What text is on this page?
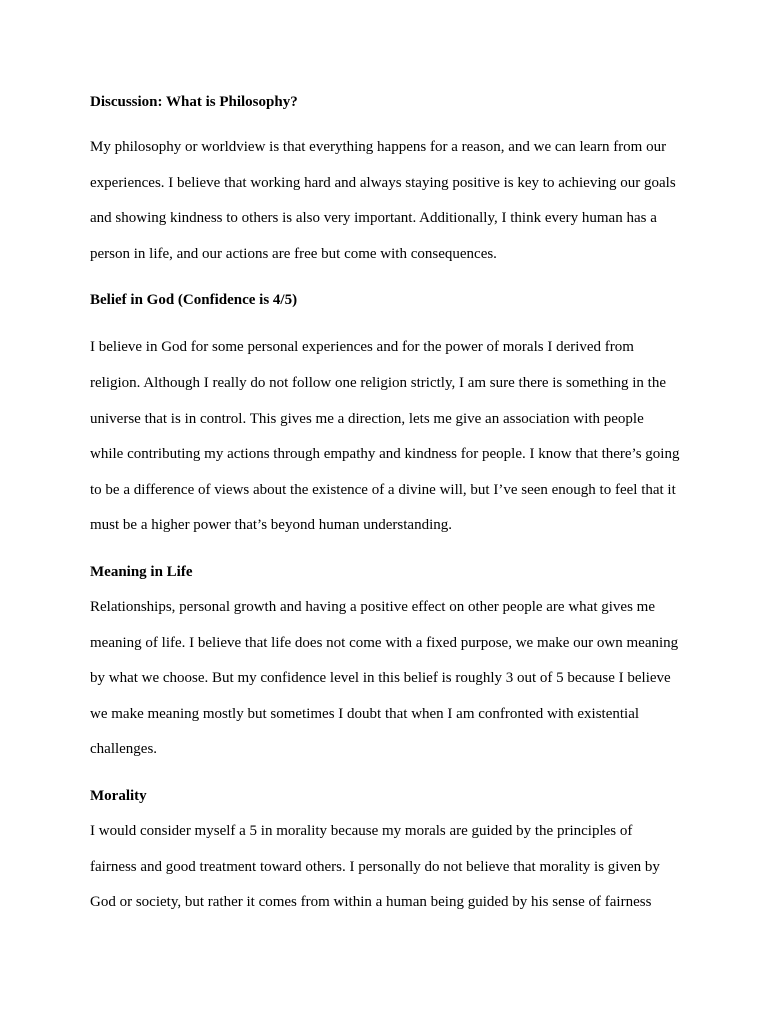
Discussion: What is Philosophy?

My philosophy or worldview is that everything happens for a reason, and we can learn from our experiences. I believe that working hard and always staying positive is key to achieving our goals and showing kindness to others is also very important. Additionally, I think every human has a person in life, and our actions are free but come with consequences.

Belief in God (Confidence is 4/5)

I believe in God for some personal experiences and for the power of morals I derived from religion. Although I really do not follow one religion strictly, I am sure there is something in the universe that is in control. This gives me a direction, lets me give an association with people while contributing my actions through empathy and kindness for people. I know that there’s going to be a difference of views about the existence of a divine will, but I’ve seen enough to feel that it must be a higher power that’s beyond human understanding.

Meaning in Life

Relationships, personal growth and having a positive effect on other people are what gives me meaning of life. I believe that life does not come with a fixed purpose, we make our own meaning by what we choose. But my confidence level in this belief is roughly 3 out of 5 because I believe we make meaning mostly but sometimes I doubt that when I am confronted with existential challenges.

Morality

I would consider myself a 5 in morality because my morals are guided by the principles of fairness and good treatment toward others. I personally do not believe that morality is given by God or society, but rather it comes from within a human being guided by his sense of fairness
